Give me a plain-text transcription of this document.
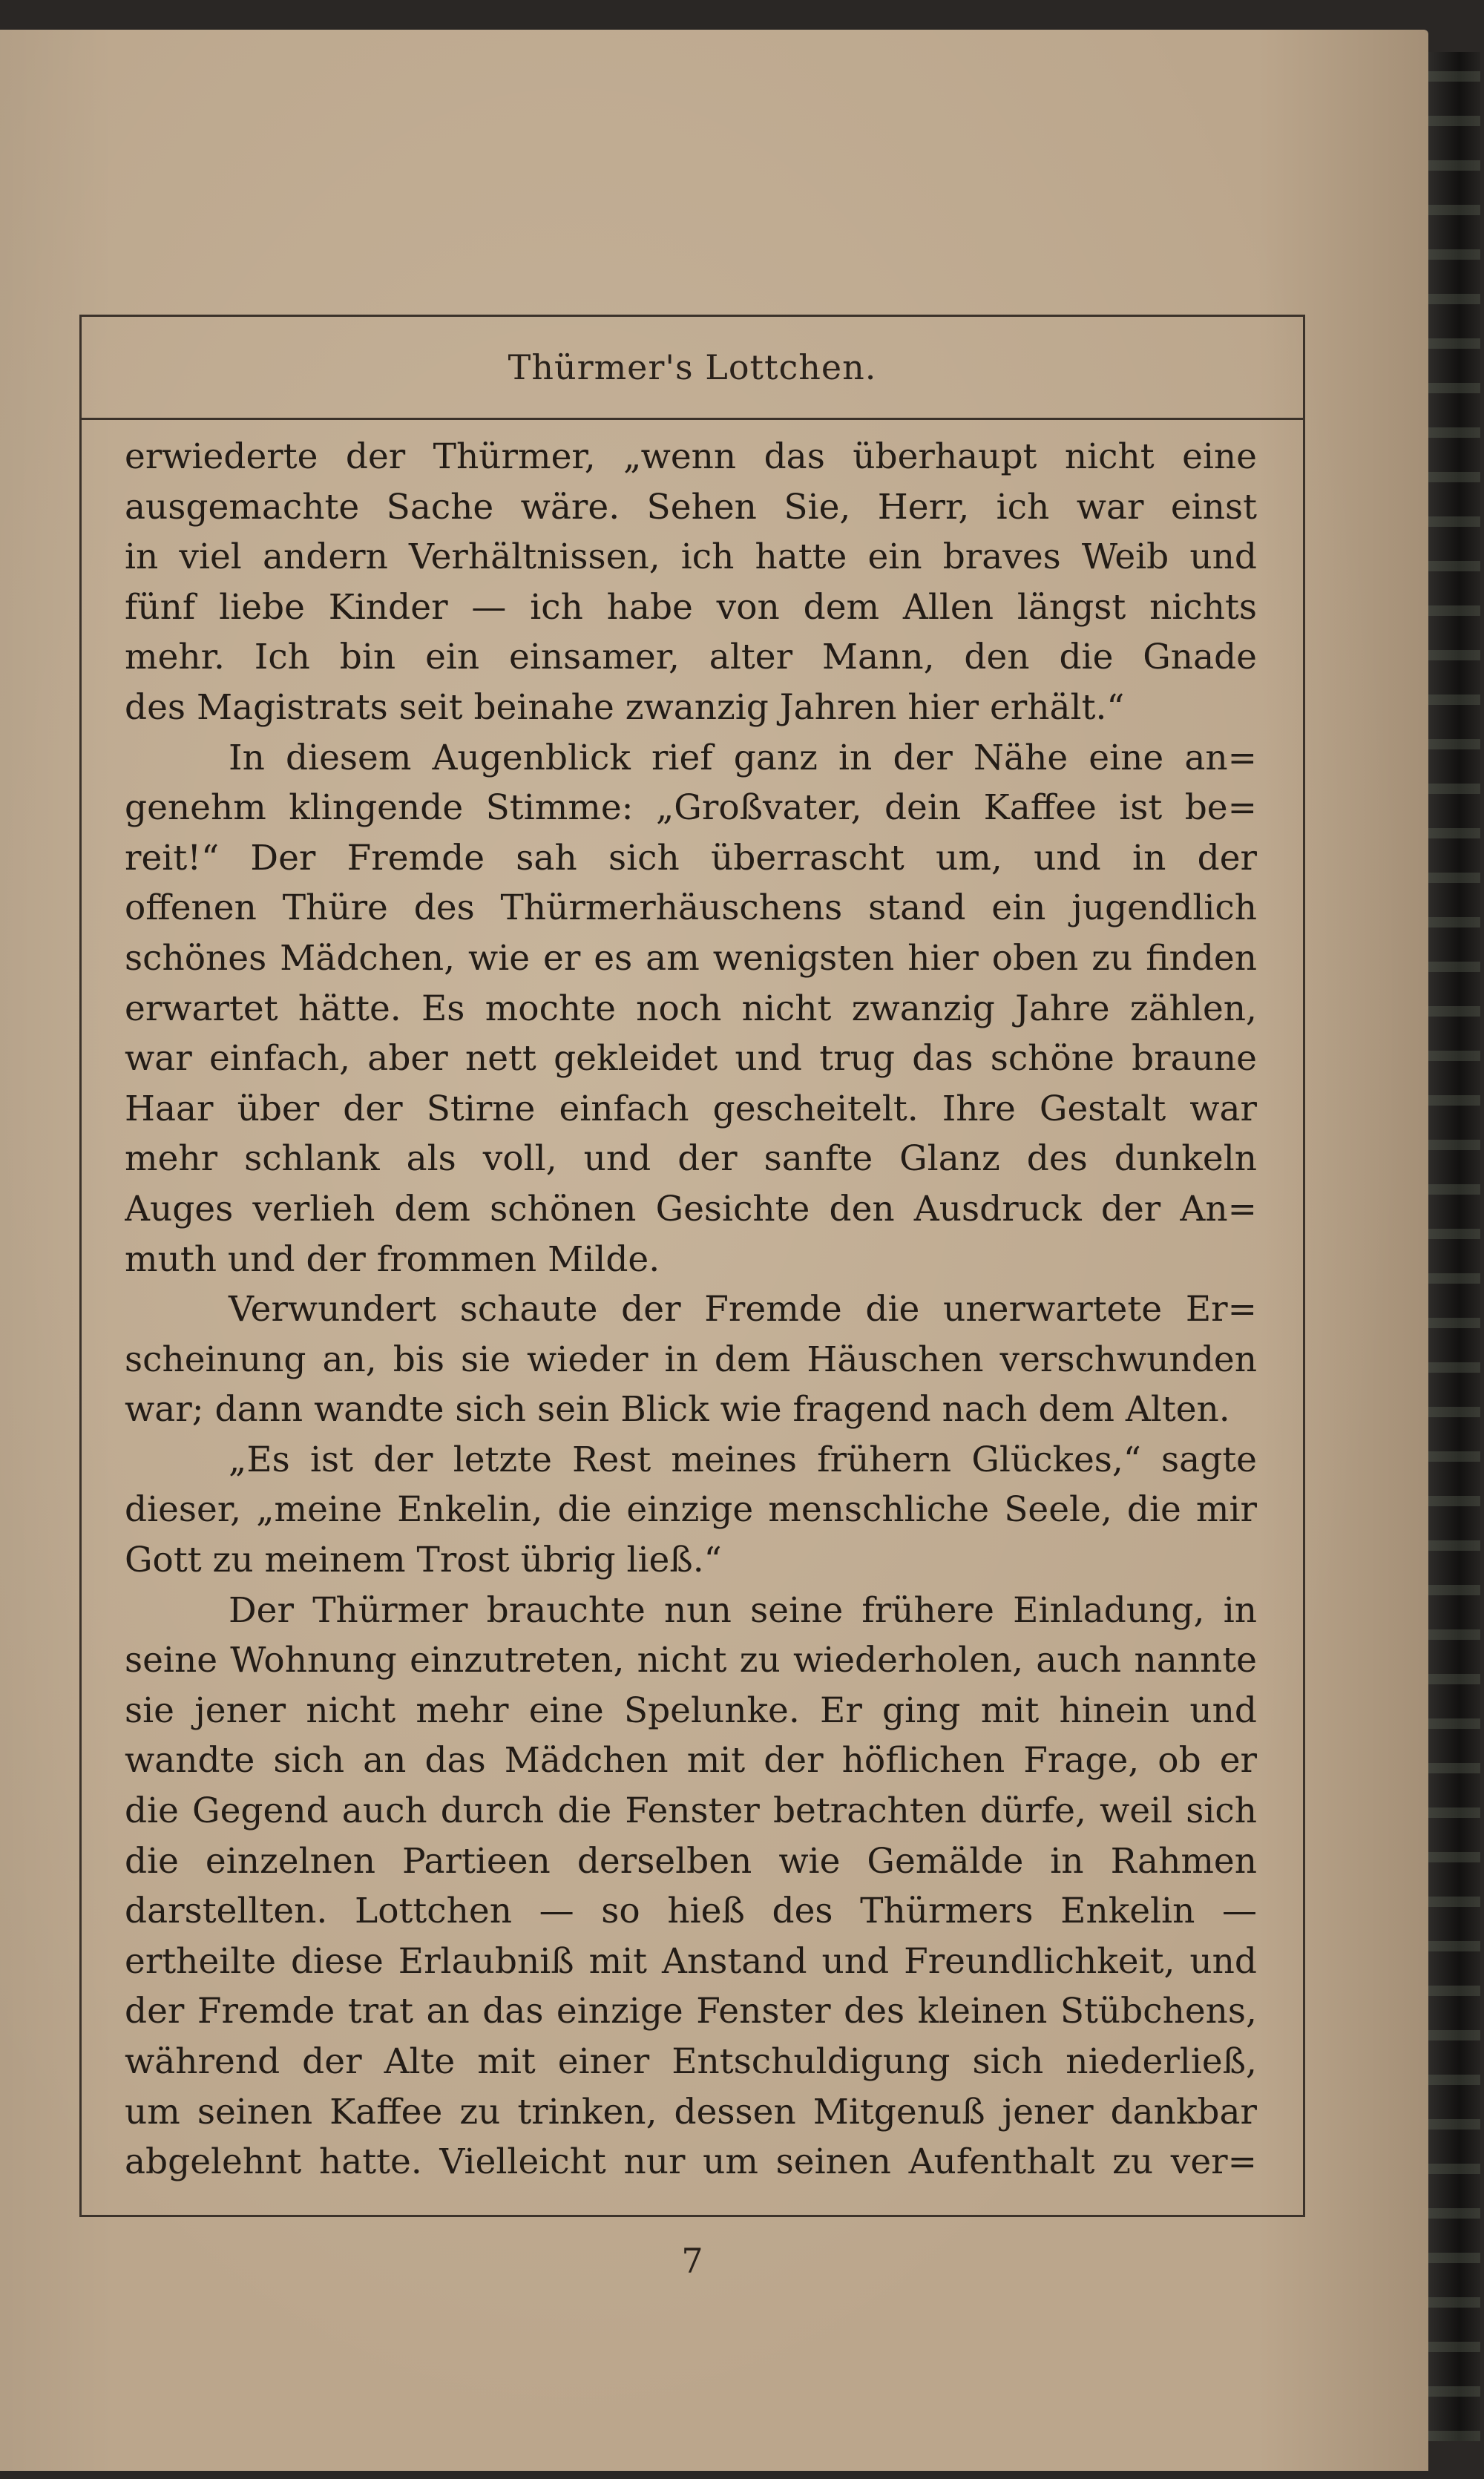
Thürmer's Lottchen.
erwiederte der Thürmer, „wenn das überhaupt nicht eine
ausgemachte Sache wäre. Sehen Sie, Herr, ich war einst
in viel andern Verhältnissen, ich hatte ein braves Weib und
fünf liebe Kinder — ich habe von dem Allen längst nichts
mehr. Ich bin ein einsamer, alter Mann, den die Gnade
des Magistrats seit beinahe zwanzig Jahren hier erhält.“
In diesem Augenblick rief ganz in der Nähe eine an=
genehm klingende Stimme: „Großvater, dein Kaffee ist be=
reit!“ Der Fremde sah sich überrascht um, und in der
offenen Thüre des Thürmerhäuschens stand ein jugendlich
schönes Mädchen, wie er es am wenigsten hier oben zu finden
erwartet hätte. Es mochte noch nicht zwanzig Jahre zählen,
war einfach, aber nett gekleidet und trug das schöne braune
Haar über der Stirne einfach gescheitelt. Ihre Gestalt war
mehr schlank als voll, und der sanfte Glanz des dunkeln
Auges verlieh dem schönen Gesichte den Ausdruck der An=
muth und der frommen Milde.
Verwundert schaute der Fremde die unerwartete Er=
scheinung an, bis sie wieder in dem Häuschen verschwunden
war; dann wandte sich sein Blick wie fragend nach dem Alten.
„Es ist der letzte Rest meines frühern Glückes,“ sagte
dieser, „meine Enkelin, die einzige menschliche Seele, die mir
Gott zu meinem Trost übrig ließ.“
Der Thürmer brauchte nun seine frühere Einladung, in
seine Wohnung einzutreten, nicht zu wiederholen, auch nannte
sie jener nicht mehr eine Spelunke. Er ging mit hinein und
wandte sich an das Mädchen mit der höflichen Frage, ob er
die Gegend auch durch die Fenster betrachten dürfe, weil sich
die einzelnen Partieen derselben wie Gemälde in Rahmen
darstellten. Lottchen — so hieß des Thürmers Enkelin —
ertheilte diese Erlaubniß mit Anstand und Freundlichkeit, und
der Fremde trat an das einzige Fenster des kleinen Stübchens,
während der Alte mit einer Entschuldigung sich niederließ,
um seinen Kaffee zu trinken, dessen Mitgenuß jener dankbar
abgelehnt hatte. Vielleicht nur um seinen Aufenthalt zu ver=
7
